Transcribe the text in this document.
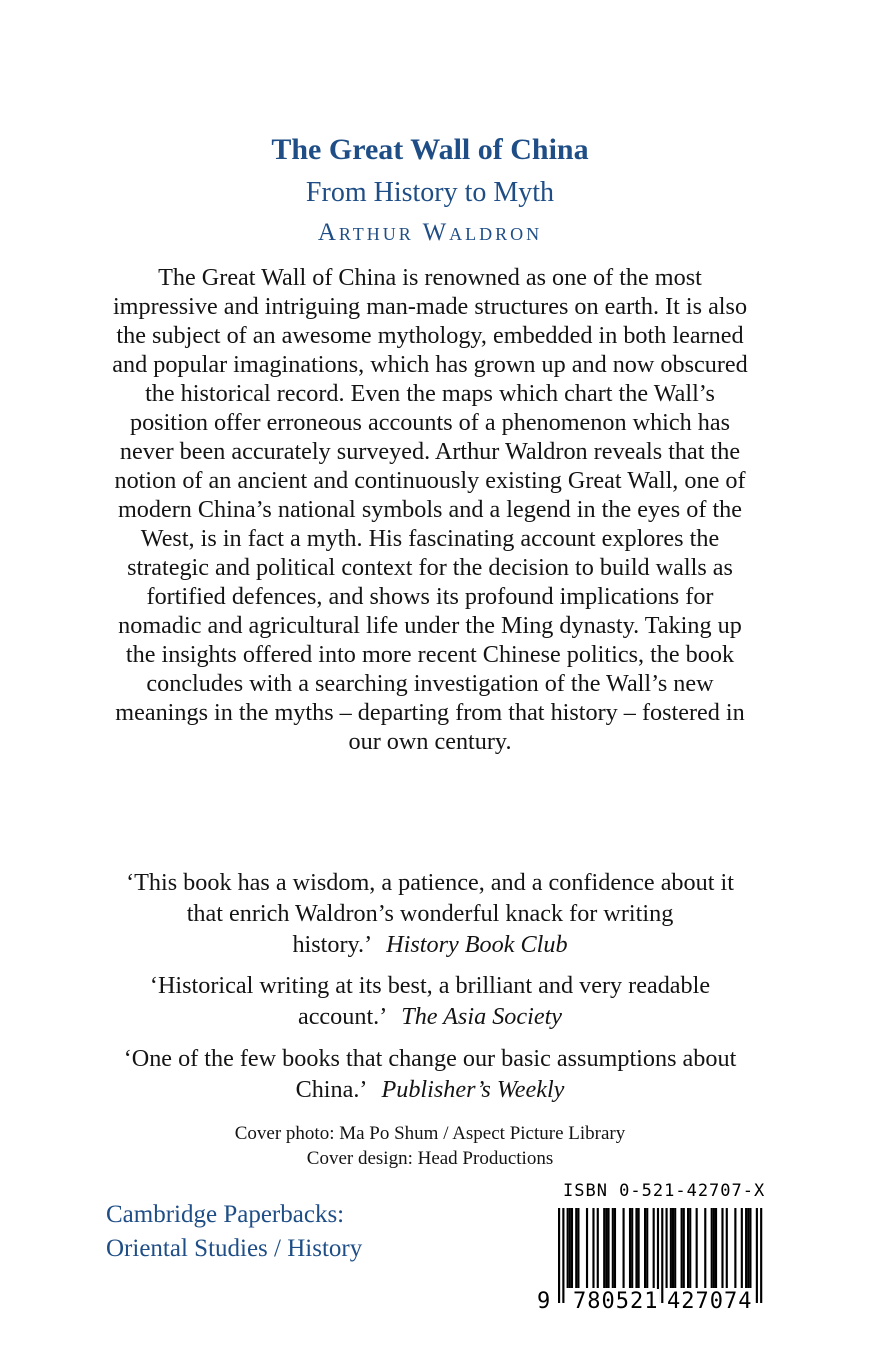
The Great Wall of China
From History to Myth
Arthur Waldron
The Great Wall of China is renowned as one of the most impressive and intriguing man-made structures on earth. It is also the subject of an awesome mythology, embedded in both learned and popular imaginations, which has grown up and now obscured the historical record. Even the maps which chart the Wall’s position offer erroneous accounts of a phenomenon which has never been accurately surveyed. Arthur Waldron reveals that the notion of an ancient and continuously existing Great Wall, one of modern China’s national symbols and a legend in the eyes of the West, is in fact a myth. His fascinating account explores the strategic and political context for the decision to build walls as fortified defences, and shows its profound implications for nomadic and agricultural life under the Ming dynasty. Taking up the insights offered into more recent Chinese politics, the book concludes with a searching investigation of the Wall’s new meanings in the myths – departing from that history – fostered in our own century.
‘This book has a wisdom, a patience, and a confidence about it that enrich Waldron’s wonderful knack for writing history.’ History Book Club
‘Historical writing at its best, a brilliant and very readable account.’ The Asia Society
‘One of the few books that change our basic assumptions about China.’ Publisher’s Weekly
Cover photo: Ma Po Shum / Aspect Picture Library
Cover design: Head Productions
Cambridge Paperbacks:
Oriental Studies / History
ISBN 0-521-42707-X
9 780521 427074
